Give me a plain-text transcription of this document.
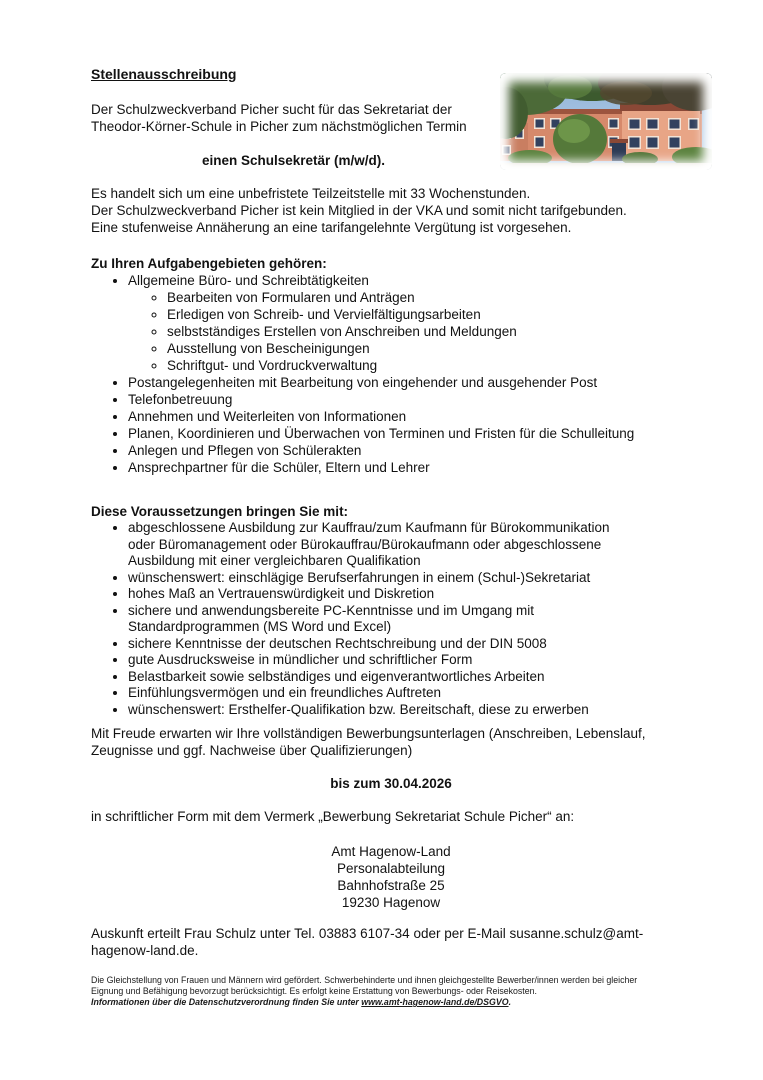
Stellenausschreibung
Der Schulzweckverband Picher sucht für das Sekretariat der
Theodor-Körner-Schule in Picher zum nächstmöglichen Termin
einen Schulsekretär (m/w/d).
Es handelt sich um eine unbefristete Teilzeitstelle mit 33 Wochenstunden.
Der Schulzweckverband Picher ist kein Mitglied in der VKA und somit nicht tarifgebunden.
Eine stufenweise Annäherung an eine tarifangelehnte Vergütung ist vorgesehen.
Zu Ihren Aufgabengebieten gehören:
• Allgemeine Büro- und Schreibtätigkeiten
◦ Bearbeiten von Formularen und Anträgen
◦ Erledigen von Schreib- und Vervielfältigungsarbeiten
◦ selbstständiges Erstellen von Anschreiben und Meldungen
◦ Ausstellung von Bescheinigungen
◦ Schriftgut- und Vordruckverwaltung
• Postangelegenheiten mit Bearbeitung von eingehender und ausgehender Post
• Telefonbetreuung
• Annehmen und Weiterleiten von Informationen
• Planen, Koordinieren und Überwachen von Terminen und Fristen für die Schulleitung
• Anlegen und Pflegen von Schülerakten
• Ansprechpartner für die Schüler, Eltern und Lehrer
Diese Voraussetzungen bringen Sie mit:
• abgeschlossene Ausbildung zur Kauffrau/zum Kaufmann für Bürokommunikation
oder Büromanagement oder Bürokauffrau/Bürokaufmann oder abgeschlossene
Ausbildung mit einer vergleichbaren Qualifikation
• wünschenswert: einschlägige Berufserfahrungen in einem (Schul-)Sekretariat
• hohes Maß an Vertrauenswürdigkeit und Diskretion
• sichere und anwendungsbereite PC-Kenntnisse und im Umgang mit
Standardprogrammen (MS Word und Excel)
• sichere Kenntnisse der deutschen Rechtschreibung und der DIN 5008
• gute Ausdrucksweise in mündlicher und schriftlicher Form
• Belastbarkeit sowie selbständiges und eigenverantwortliches Arbeiten
• Einfühlungsvermögen und ein freundliches Auftreten
• wünschenswert: Ersthelfer-Qualifikation bzw. Bereitschaft, diese zu erwerben
Mit Freude erwarten wir Ihre vollständigen Bewerbungsunterlagen (Anschreiben, Lebenslauf,
Zeugnisse und ggf. Nachweise über Qualifizierungen)
bis zum 30.04.2026
in schriftlicher Form mit dem Vermerk „Bewerbung Sekretariat Schule Picher“ an:
Amt Hagenow-Land
Personalabteilung
Bahnhofstraße 25
19230 Hagenow
Auskunft erteilt Frau Schulz unter Tel. 03883 6107-34 oder per E-Mail susanne.schulz@amt-
hagenow-land.de.
Die Gleichstellung von Frauen und Männern wird gefördert. Schwerbehinderte und ihnen gleichgestellte Bewerber/innen werden bei gleicher
Eignung und Befähigung bevorzugt berücksichtigt. Es erfolgt keine Erstattung von Bewerbungs- oder Reisekosten.
Informationen über die Datenschutzverordnung finden Sie unter www.amt-hagenow-land.de/DSGVO.
